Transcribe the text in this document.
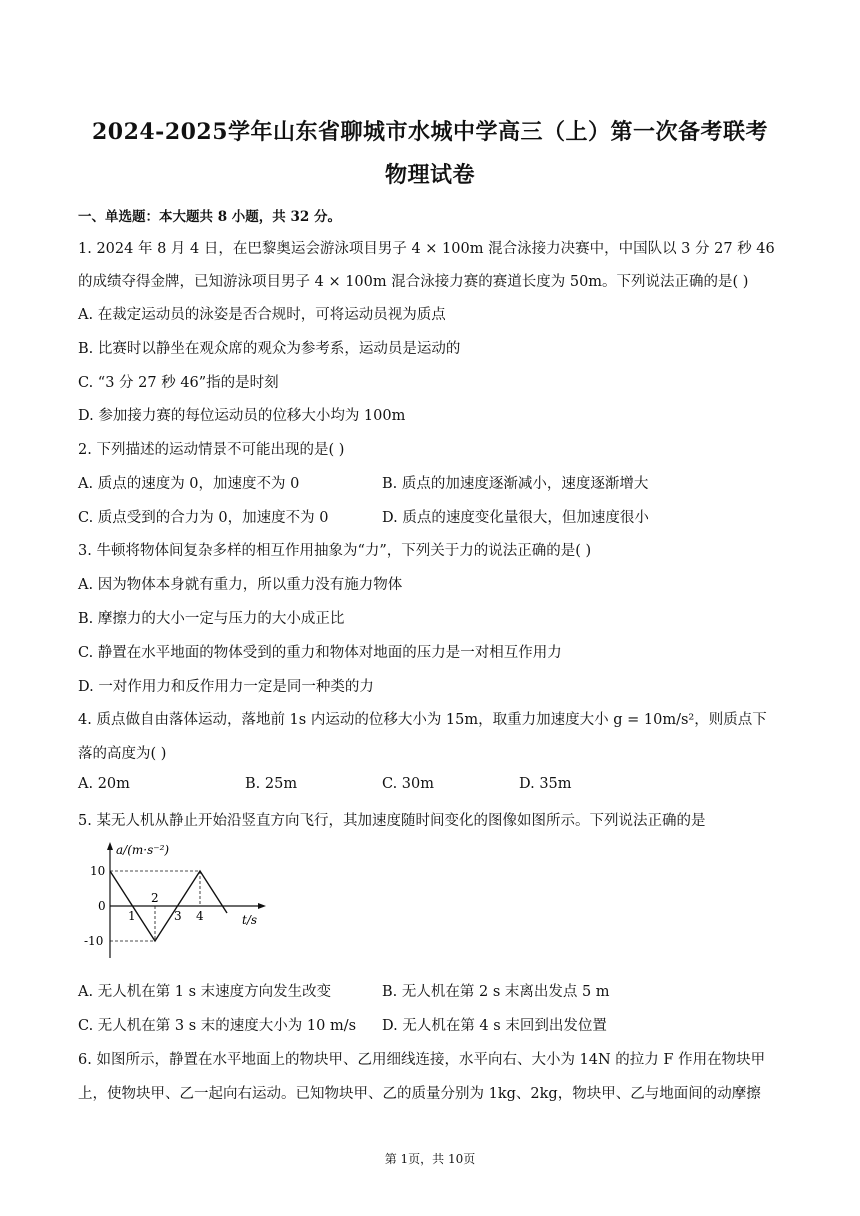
2024-2025学年山东省聊城市水城中学高三（上）第一次备考联考
物理试卷
一、单选题：本大题共 8 小题，共 32 分。
1. 2024 年 8 月 4 日，在巴黎奥运会游泳项目男子 4 × 100m 混合泳接力决赛中，中国队以 3 分 27 秒 46
的成绩夺得金牌，已知游泳项目男子 4 × 100m 混合泳接力赛的赛道长度为 50m。下列说法正确的是( )
A. 在裁定运动员的泳姿是否合规时，可将运动员视为质点
B. 比赛时以静坐在观众席的观众为参考系，运动员是运动的
C. “3 分 27 秒 46”指的是时刻
D. 参加接力赛的每位运动员的位移大小均为 100m
2. 下列描述的运动情景不可能出现的是( )
A. 质点的速度为 0，加速度不为 0	B. 质点的加速度逐渐减小，速度逐渐增大
C. 质点受到的合力为 0，加速度不为 0	D. 质点的速度变化量很大，但加速度很小
3. 牛顿将物体间复杂多样的相互作用抽象为“力”，下列关于力的说法正确的是( )
A. 因为物体本身就有重力，所以重力没有施力物体
B. 摩擦力的大小一定与压力的大小成正比
C. 静置在水平地面的物体受到的重力和物体对地面的压力是一对相互作用力
D. 一对作用力和反作用力一定是同一种类的力
4. 质点做自由落体运动，落地前 1s 内运动的位移大小为 15m，取重力加速度大小 g = 10m/s²，则质点下
落的高度为( )
A. 20m	B. 25m	C. 30m	D. 35m
5. 某无人机从静止开始沿竖直方向飞行，其加速度随时间变化的图像如图所示。下列说法正确的是
a/(m·s⁻²)
t/s
10
0
-10
1
2
3 4
A. 无人机在第 1 s 末速度方向发生改变	B. 无人机在第 2 s 末离出发点 5 m
C. 无人机在第 3 s 末的速度大小为 10 m/s D. 无人机在第 4 s 末回到出发位置
6. 如图所示，静置在水平地面上的物块甲、乙用细线连接，水平向右、大小为 14N 的拉力 F 作用在物块甲
上，使物块甲、乙一起向右运动。已知物块甲、乙的质量分别为 1kg、2kg，物块甲、乙与地面间的动摩擦
第 1页，共 10页
